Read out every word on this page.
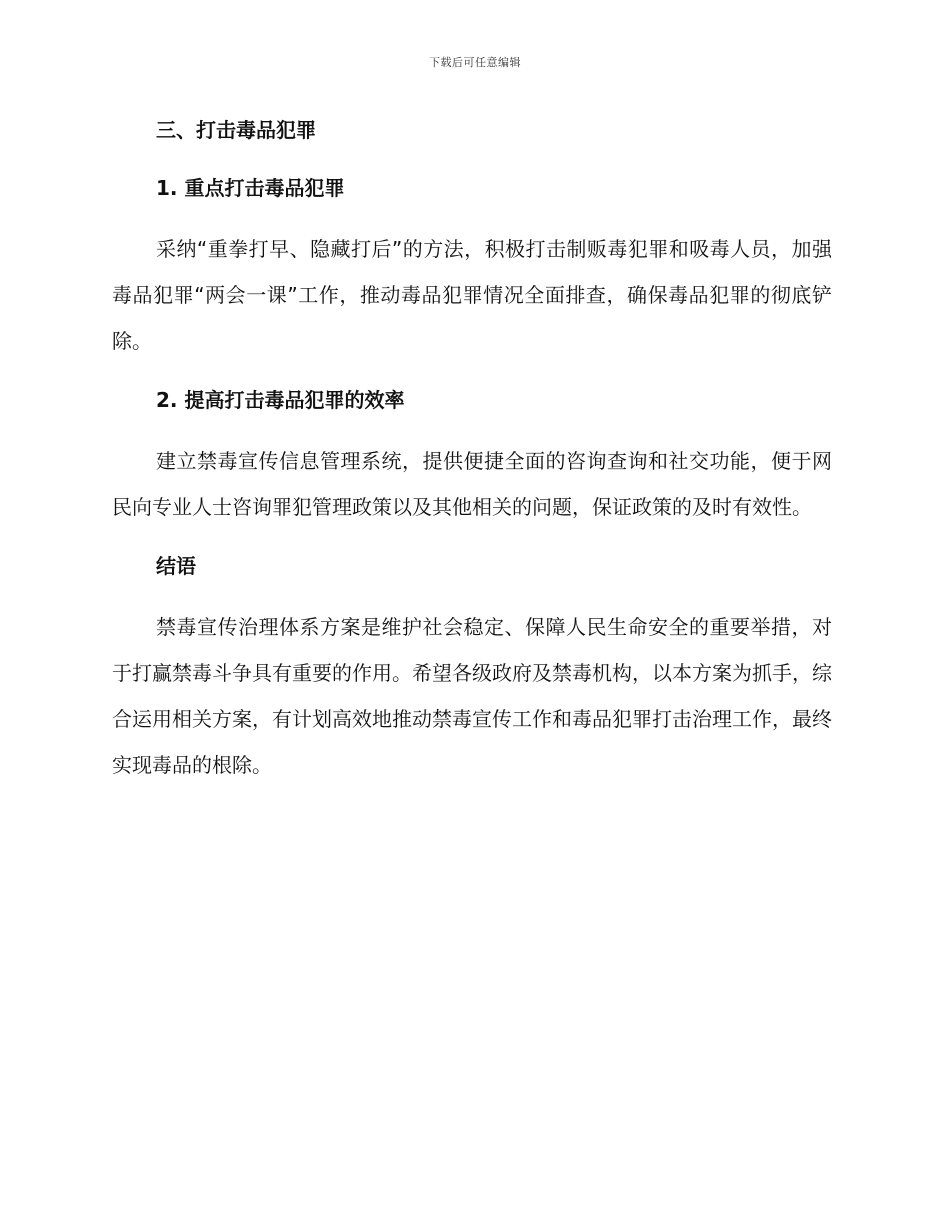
下载后可任意编辑
三、打击毒品犯罪
1. 重点打击毒品犯罪
采纳“重拳打早、隐藏打后”的方法，积极打击制贩毒犯罪和吸毒人员，加强毒品犯罪“两会一课”工作，推动毒品犯罪情况全面排查，确保毒品犯罪的彻底铲除。
2. 提高打击毒品犯罪的效率
建立禁毒宣传信息管理系统，提供便捷全面的咨询查询和社交功能，便于网民向专业人士咨询罪犯管理政策以及其他相关的问题，保证政策的及时有效性。
结语
禁毒宣传治理体系方案是维护社会稳定、保障人民生命安全的重要举措，对于打赢禁毒斗争具有重要的作用。希望各级政府及禁毒机构，以本方案为抓手，综合运用相关方案，有计划高效地推动禁毒宣传工作和毒品犯罪打击治理工作，最终实现毒品的根除。
